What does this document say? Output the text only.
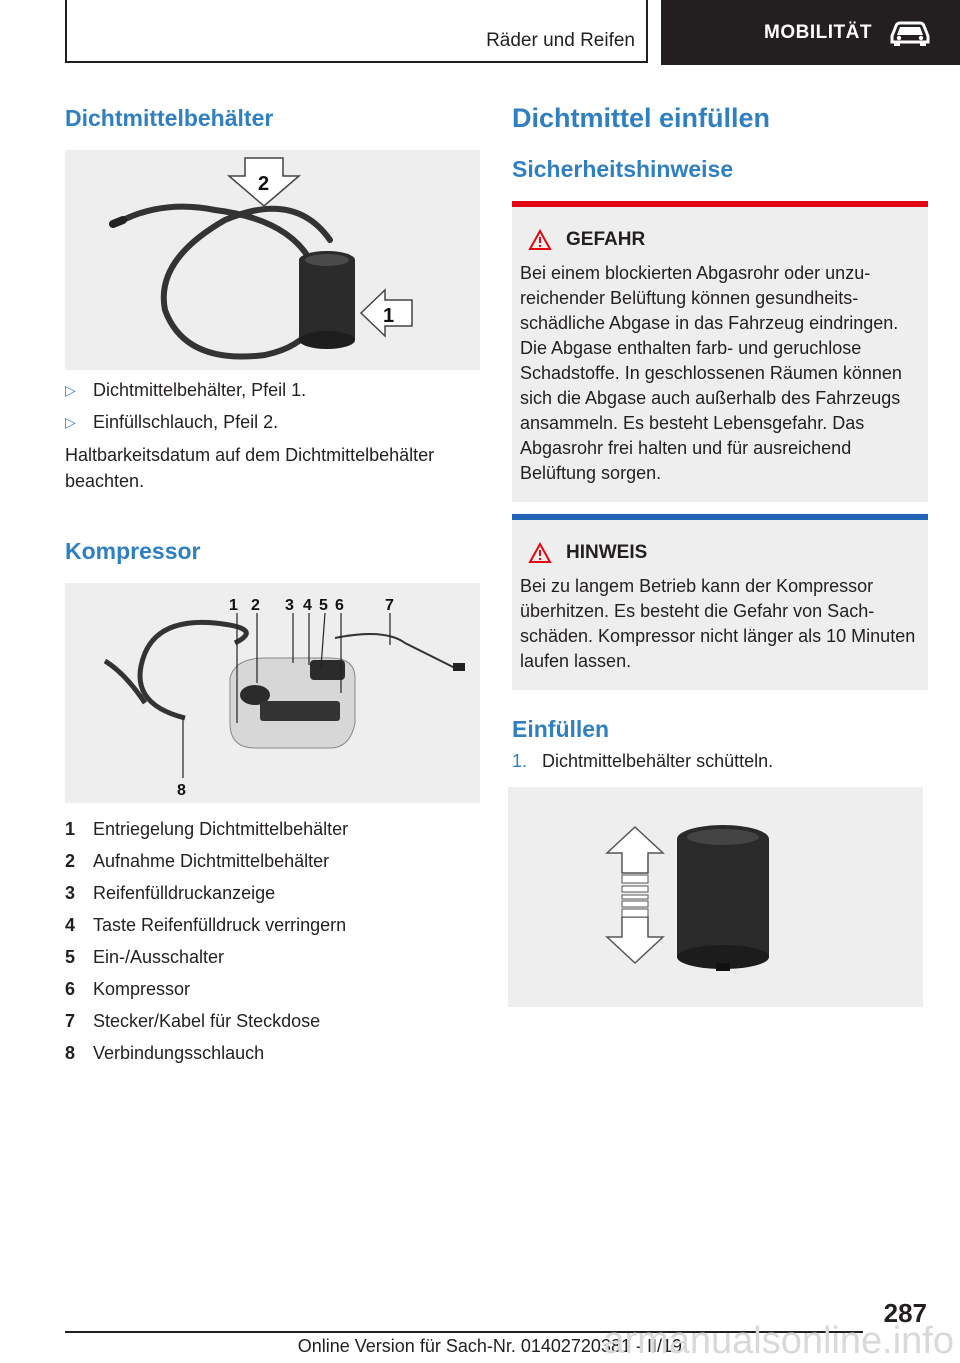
Räder und Reifen	MOBILITÄT
Dichtmittelbehälter
1
2
▷ Dichtmittelbehälter, Pfeil 1.
▷ Einfüllschlauch, Pfeil 2.

Haltbarkeitsdatum auf dem Dichtmittelbehälter beachten.

Kompressor
1 2 3 4 5 6	7
8
1 Entriegelung Dichtmittelbehälter
2 Aufnahme Dichtmittelbehälter
3 Reifenfülldruckanzeige
4 Taste Reifenfülldruck verringern
5 Ein-/Ausschalter
6 Kompressor
7 Stecker/Kabel für Steckdose
8 Verbindungsschlauch
Dichtmittel einfüllen
Sicherheitshinweise
GEFAHR
Bei einem blockierten Abgasrohr oder unzureichender Belüftung können gesundheitsschädliche Abgase in das Fahrzeug eindringen. Die Abgase enthalten farb- und geruchlose Schadstoffe. In geschlossenen Räumen können sich die Abgase auch außerhalb des Fahrzeugs ansammeln. Es besteht Lebensgefahr. Das Abgasrohr frei halten und für ausreichend Belüftung sorgen.
HINWEIS
Bei zu langem Betrieb kann der Kompressor überhitzen. Es besteht die Gefahr von Sachschäden. Kompressor nicht länger als 10 Minuten laufen lassen.
Einfüllen
1. Dichtmittelbehälter schütteln.
287
Online Version für Sach-Nr. 01402720381 - II/19
armanualsonline.info
